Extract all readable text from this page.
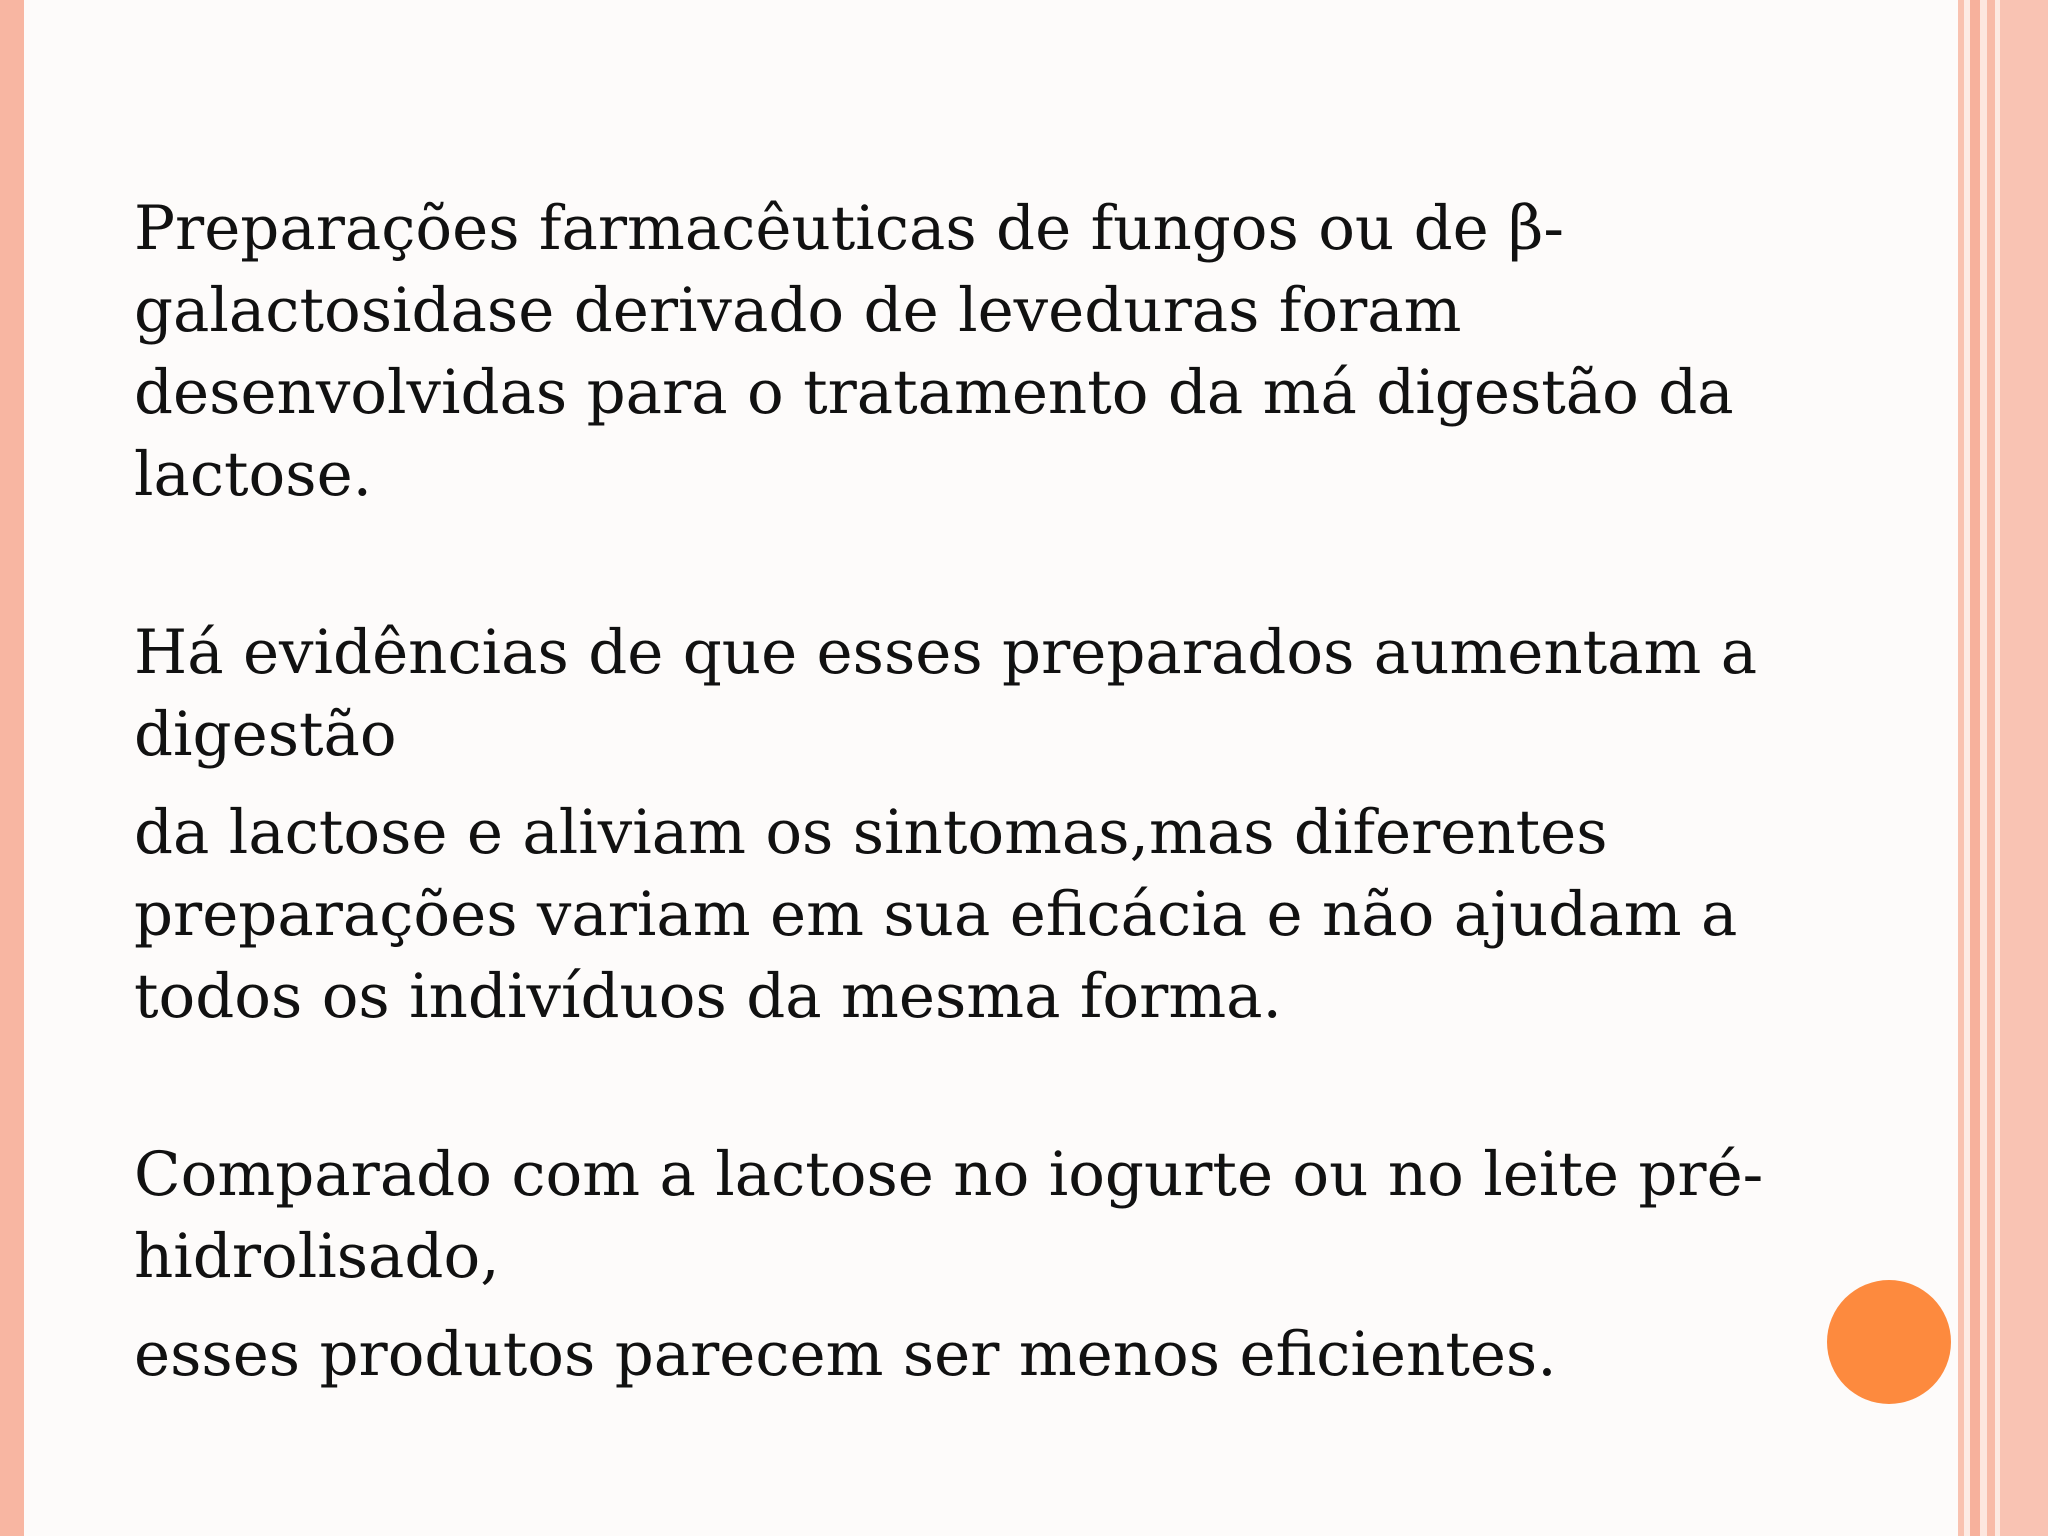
Preparações farmacêuticas de fungos ou de β-
galactosidase derivado de leveduras foram
desenvolvidas para o tratamento da má digestão da
lactose.

Há evidências de que esses preparados aumentam a
digestão

da lactose e aliviam os sintomas,mas diferentes
preparações variam em sua eficácia e não ajudam a
todos os indivíduos da mesma forma.

Comparado com a lactose no iogurte ou no leite pré-
hidrolisado,

esses produtos parecem ser menos eficientes.
